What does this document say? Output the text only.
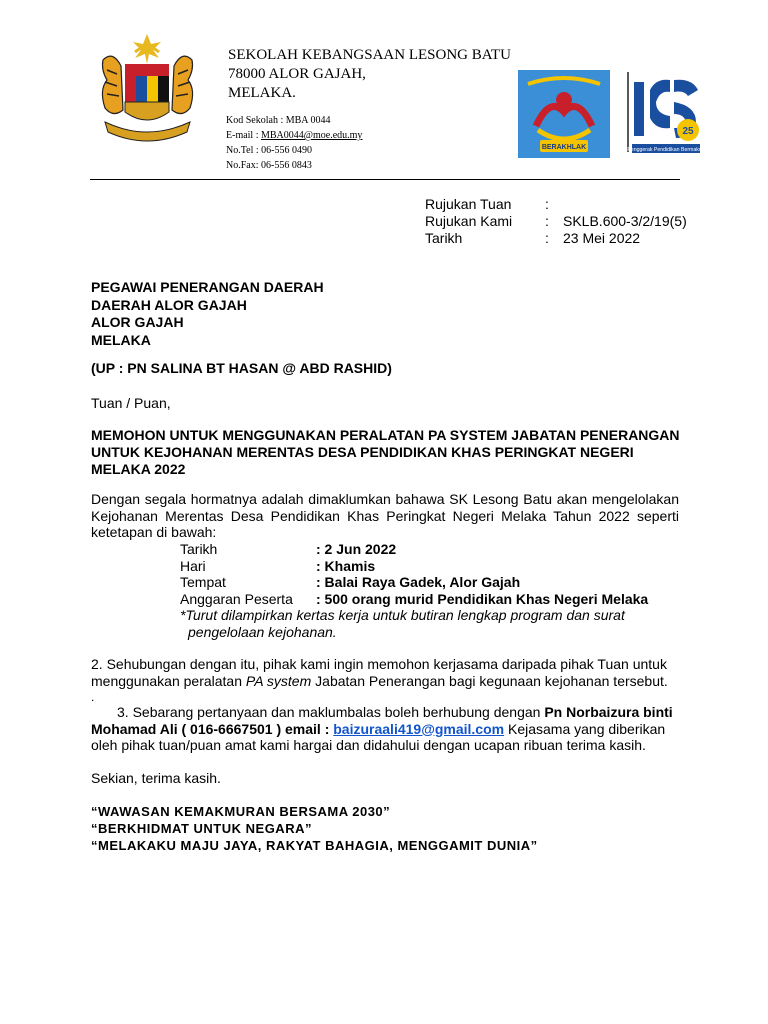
SEKOLAH KEBANGSAAN LESONG BATU
78000 ALOR GAJAH,
MELAKA.
Kod Sekolah : MBA 0044
E-mail : MBA0044@moe.edu.my
No.Tel : 06-556 0490
No.Fax: 06-556 0843
BERAKHLAK
25
Penggerak Pendidikan Bermakna
Rujukan Tuan	:
Rujukan Kami	:	SKLB.600-3/2/19(5)
Tarikh	:	23 Mei 2022
PEGAWAI PENERANGAN DAERAH
DAERAH ALOR GAJAH
ALOR GAJAH
MELAKA
(UP : PN SALINA BT HASAN @ ABD RASHID)
Tuan / Puan,
MEMOHON UNTUK MENGGUNAKAN PERALATAN PA SYSTEM JABATAN PENERANGAN UNTUK KEJOHANAN MERENTAS DESA PENDIDIKAN KHAS PERINGKAT NEGERI MELAKA 2022
Dengan segala hormatnya adalah dimaklumkan bahawa SK Lesong Batu akan mengelolakan Kejohanan Merentas Desa Pendidikan Khas Peringkat Negeri Melaka Tahun 2022 seperti ketetapan di bawah:
Tarikh	: 2 Jun 2022
Hari	: Khamis
Tempat	: Balai Raya Gadek, Alor Gajah
Anggaran Peserta	: 500 orang murid Pendidikan Khas Negeri Melaka
*Turut dilampirkan kertas kerja untuk butiran lengkap program dan surat
pengelolaan kejohanan.
2. Sehubungan dengan itu, pihak kami ingin memohon kerjasama daripada pihak Tuan untuk menggunakan peralatan PA system Jabatan Penerangan bagi kegunaan kejohanan tersebut.
.
3. Sebarang pertanyaan dan maklumbalas boleh berhubung dengan Pn Norbaizura binti Mohamad Ali ( 016-6667501 ) email : baizuraali419@gmail.com Kejasama yang diberikan oleh pihak tuan/puan amat kami hargai dan didahului dengan ucapan ribuan terima kasih.
Sekian, terima kasih.
“WAWASAN KEMAKMURAN BERSAMA 2030”
“BERKHIDMAT UNTUK NEGARA”
“MELAKAKU MAJU JAYA, RAKYAT BAHAGIA, MENGGAMIT DUNIA”
